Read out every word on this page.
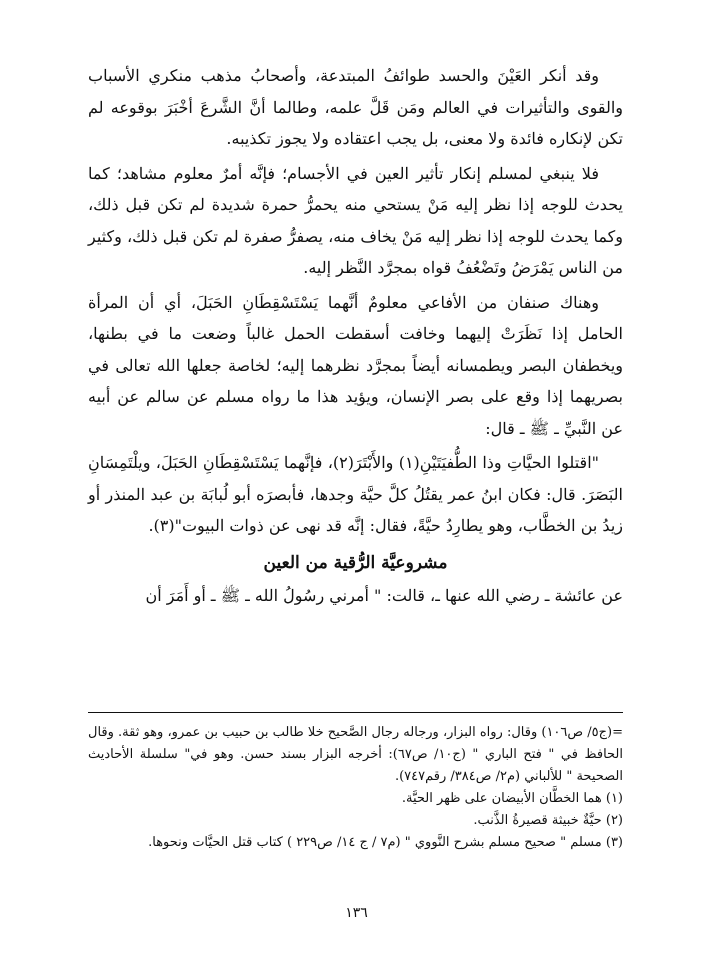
وقد أنكر العَيْنَ والحسد طوائفُ المبتدعة، وأصحابُ مذهب منكري الأسباب والقوى والتأثيرات في العالم ومَن قَلَّ علمه، وطالما أنَّ الشَّرعَ أخْبَرَ بوقوعه لم تكن لإنكاره فائدة ولا معنى، بل يجب اعتقاده ولا يجوز تكذيبه.

فلا ينبغي لمسلم إنكار تأثير العين في الأجسام؛ فإنَّه أمرٌ معلوم مشاهد؛ كما يحدث للوجه إذا نظر إليه مَنْ يستحي منه يحمرُّ حمرة شديدة لم تكن قبل ذلك، وكما يحدث للوجه إذا نظر إليه مَنْ يخاف منه، يصفرُّ صفرة لم تكن قبل ذلك، وكثير من الناس يَمْرَضُ وتَضْعُفُ قواه بمجرَّد النَّظر إليه.

وهناك صنفان من الأفاعي معلومٌ أنَّهما يَسْتَسْقِطَانِ الحَبَلَ، أي أن المرأة الحامل إذا نَظَرَتْ إليهما وخافت أسقطت الحمل غالباً وضعت ما في بطنها، ويخطفان البصر ويطمسانه أيضاً بمجرَّد نظرهما إليه؛ لخاصة جعلها الله تعالى في بصريهما إذا وقع على بصر الإنسان، ويؤيد هذا ما رواه مسلم عن سالم عن أبيه عن النَّبيِّ ـ ﷺ ـ قال:

"اقتلوا الحيَّاتِ وذا الطُّفيَتَيْنِ(١) والأَبْتَرَ(٢)، فإنَّهما يَسْتَسْقِطَانِ الحَبَلَ، ويلْتَمِسَانِ البَصَرَ. قال: فكان ابنُ عمر يقتُلُ كلَّ حيَّة وجدها، فأبصرَه أبو لُبابَة بن عبد المنذر أو زيدُ بن الخطَّاب، وهو يطارِدُ حيَّةً، فقال: إنَّه قد نهى عن ذوات البيوت"(٣).

مشروعيَّة الرُّقية من العين

عن عائشة ـ رضي الله عنها ـ، قالت: " أمرني رسُولُ الله ـ ﷺ ـ أو أَمَرَ أن

=(ج٥/ ص١٠٦) وقال: رواه البزار، ورجاله رجال الصَّحيح خلا طالب بن حبيب بن عمرو، وهو ثقة. وقال الحافظ في " فتح الباري " (ج١٠/ ص٦٧): أخرجه البزار بسند حسن. وهو في" سلسلة الأحاديث الصحيحة " للألباني (م٢/ ص٣٨٤/ رقم٧٤٧).

(١) هما الخطَّان الأبيضان على ظهر الحيَّة.

(٢) حيَّةٌ خبيثة قصيرةُ الذَّنب.

(٣) مسلم " صحيح مسلم بشرح النَّووي " (م٧ / ج ١٤/ ص٢٢٩ ) كتاب قتل الحيَّات ونحوها.

١٣٦
